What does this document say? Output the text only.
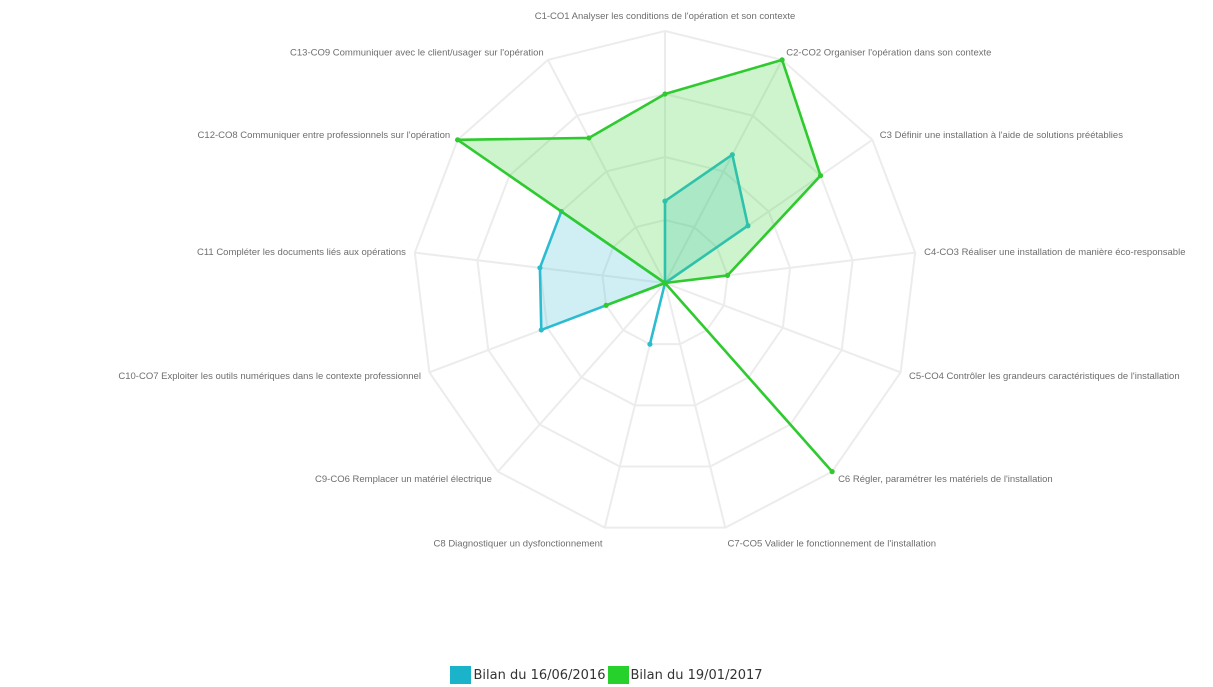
C1-CO1 Analyser les conditions de l'opération et son contexte
C2-CO2 Organiser l'opération dans son contexte
C3 Définir une installation à l'aide de solutions préétablies
C4-CO3 Réaliser une installation de manière éco-responsable
C5-CO4 Contrôler les grandeurs caractéristiques de l'installation
C6 Régler, paramétrer les matériels de l'installation
C7-CO5 Valider le fonctionnement de l'installation
C8 Diagnostiquer un dysfonctionnement
C9-CO6 Remplacer un matériel électrique
C10-CO7 Exploiter les outils numériques dans le contexte professionnel
C11 Compléter les documents liés aux opérations
C12-CO8 Communiquer entre professionnels sur l'opération
C13-CO9 Communiquer avec le client/usager sur l'opération
Bilan du 16/06/2016 Bilan du 19/01/2017
